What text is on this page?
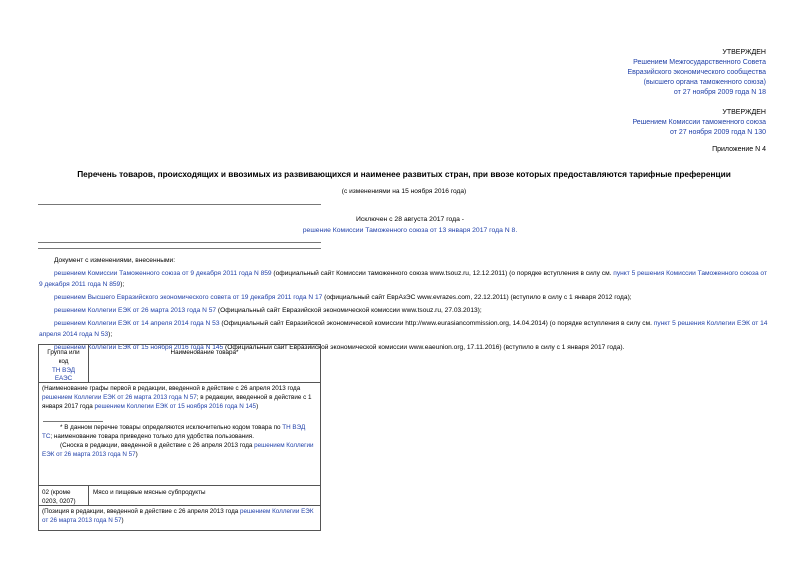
УТВЕРЖДЕН
Решением Межгосударственного Совета
Евразийского экономического сообщества
(высшего органа таможенного союза)
от 27 ноября 2009 года N 18
УТВЕРЖДЕН
Решением Комиссии таможенного союза
от 27 ноября 2009 года N 130
Приложение N 4
Перечень товаров, происходящих и ввозимых из развивающихся и наименее развитых стран, при ввозе которых предоставляются тарифные преференции
(с изменениями на 15 ноября 2016 года)
Исключен с 28 августа 2017 года -
решение Комиссии Таможенного союза от 13 января 2017 года N 8.

Документ с изменениями, внесенными:

решением Комиссии Таможенного союза от 9 декабря 2011 года N 859 (официальный сайт Комиссии таможенного союза www.tsouz.ru, 12.12.2011) (о порядке вступления в силу см. пункт 5 решения Комиссии Таможенного союза от 9 декабря 2011 года N 859);

решением Высшего Евразийского экономического совета от 19 декабря 2011 года N 17 (официальный сайт ЕврАзЭС www.evrazes.com, 22.12.2011) (вступило в силу с 1 января 2012 года);

решением Коллегии ЕЭК от 26 марта 2013 года N 57 (Официальный сайт Евразийской экономической комиссии www.tsouz.ru, 27.03.2013);

решением Коллегии ЕЭК от 14 апреля 2014 года N 53 (Официальный сайт Евразийской экономической комиссии http://www.eurasiancommission.org, 14.04.2014) (о порядке вступления в силу см. пункт 5 решения Коллегии ЕЭК от 14 апреля 2014 года N 53);

решением Коллегии ЕЭК от 15 ноября 2016 года N 145 (Официальный сайт Евразийской экономической комиссии www.eaeunion.org, 17.11.2016) (вступило в силу с 1 января 2017 года).

Группа или
код
ТН ВЭД
ЕАЭС
Наименование товара*
(Наименование графы первой в редакции, введенной в действие с 26 апреля 2013 года
решением Коллегии ЕЭК от 26 марта 2013 года N 57; в редакции, введенной в действие с 1 января 2017 года решением Коллегии ЕЭК от 15 ноября 2016 года N 145)
* В данном перечне товары определяются исключительно кодом товара по ТН ВЭД ТС; наименование товара приведено только для удобства пользования.
(Сноска в редакции, введенной в действие с 26 апреля 2013 года решением Коллегии ЕЭК от 26 марта 2013 года N 57)
02 (кроме 0203, 0207)
Мясо и пищевые мясные субпродукты
(Позиция в редакции, введенной в действие с 26 апреля 2013 года решением Коллегии ЕЭК от 26 марта 2013 года N 57)
